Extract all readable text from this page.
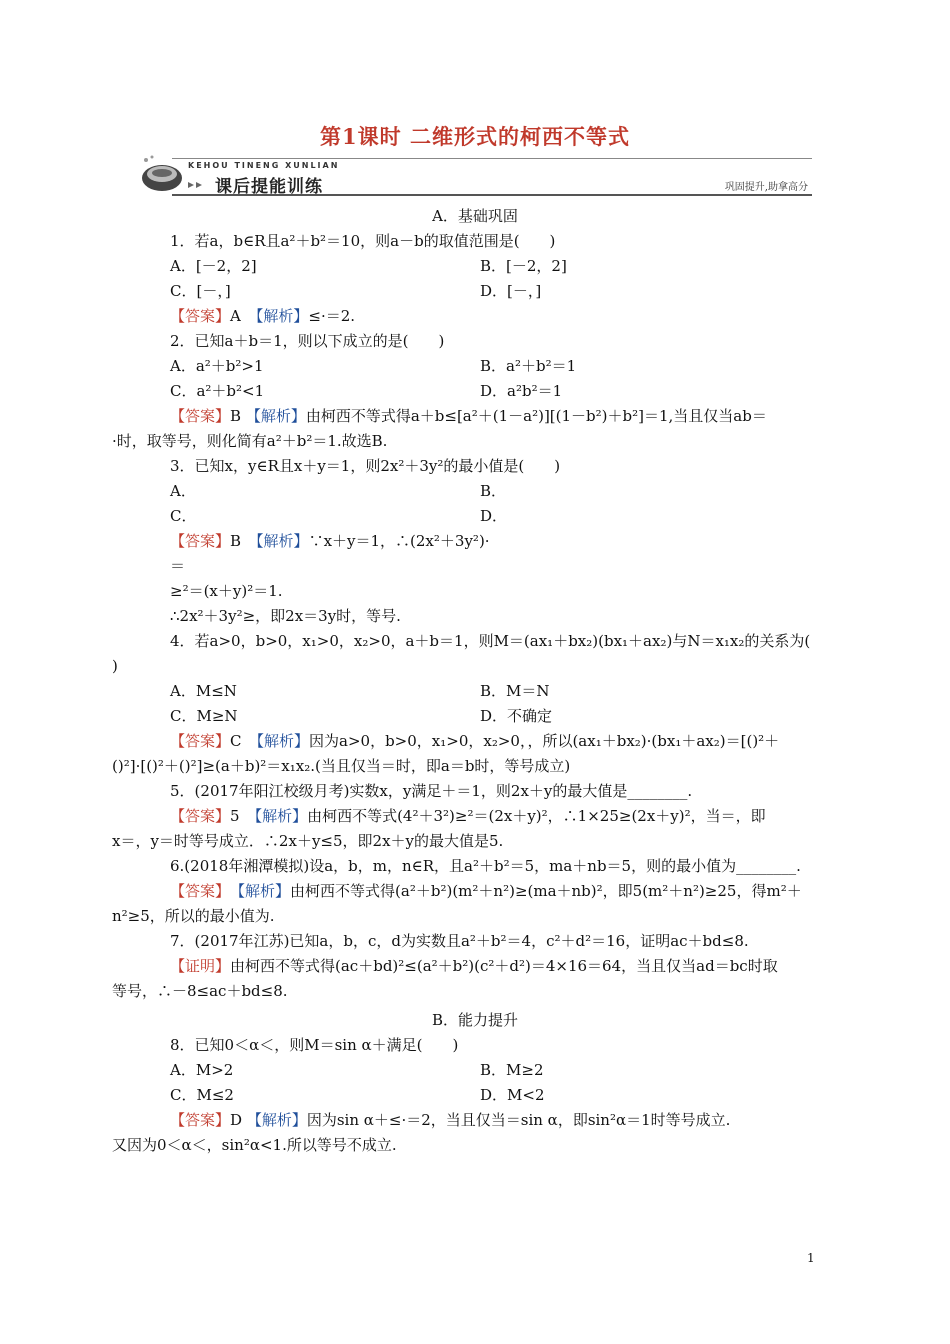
第1课时 二维形式的柯西不等式
KEHOU TINENG XUNLIAN
课后提能训练	巩固提升,助拿高分
A．基础巩固
1．若a，b∈R且a²＋b²＝10，则a－b的取值范围是(　　)
A．[－2，2]	B．[－2，2]
C．[－，]	D．[－，]
【答案】A　【解析】≤·＝2.
2．已知a＋b＝1，则以下成立的是(　　)
A．a²＋b²>1	B．a²＋b²＝1
C．a²＋b²<1	D．a²b²＝1
【答案】B 【解析】由柯西不等式得a＋b≤[a²＋(1－a²)][(1－b²)＋b²]＝1,当且仅当ab＝
·时，取等号，则化简有a²＋b²＝1.故选B.
3．已知x，y∈R且x＋y＝1，则2x²＋3y²的最小值是(　　)
A．	B．
C．	D．
【答案】B　【解析】∵x＋y＝1，∴(2x²＋3y²)·
＝
≥²＝(x＋y)²＝1.
∴2x²＋3y²≥，即2x＝3y时，等号.
4．若a>0，b>0，x₁>0，x₂>0，a＋b＝1，则M＝(ax₁＋bx₂)(bx₁＋ax₂)与N＝x₁x₂的关系为(
)
A．M≤N	B．M＝N
C．M≥N	D．不确定
【答案】C　【解析】因为a>0，b>0，x₁>0，x₂>0，，所以(ax₁＋bx₂)·(bx₁＋ax₂)＝[()²＋
()²]·[()²＋()²]≥(a＋b)²＝x₁x₂.(当且仅当＝时，即a＝b时，等号成立)
5．(2017年阳江校级月考)实数x，y满足＋＝1，则2x＋y的最大值是________.
【答案】5　【解析】由柯西不等式(4²＋3²)≥²＝(2x＋y)²，∴1×25≥(2x＋y)²，当＝，即
x＝，y＝时等号成立．∴2x＋y≤5，即2x＋y的最大值是5.
6.(2018年湘潭模拟)设a，b，m，n∈R，且a²＋b²＝5，ma＋nb＝5，则的最小值为________.
【答案】　 【解析】由柯西不等式得(a²＋b²)(m²＋n²)≥(ma＋nb)²，即5(m²＋n²)≥25，得m²＋
n²≥5，所以的最小值为.
7．(2017年江苏)已知a，b，c，d为实数且a²＋b²＝4，c²＋d²＝16，证明ac＋bd≤8.
【证明】由柯西不等式得(ac＋bd)²≤(a²＋b²)(c²＋d²)＝4×16＝64，当且仅当ad＝bc时取
等号，∴－8≤ac＋bd≤8.
B．能力提升
8．已知0＜α＜，则M＝sin α＋满足(　　)
A．M>2	B．M≥2
C．M≤2	D．M<2
【答案】D 【解析】因为sin α＋≤·＝2，当且仅当＝sin α，即sin²α＝1时等号成立.
又因为0＜α＜，sin²α<1.所以等号不成立.
1
